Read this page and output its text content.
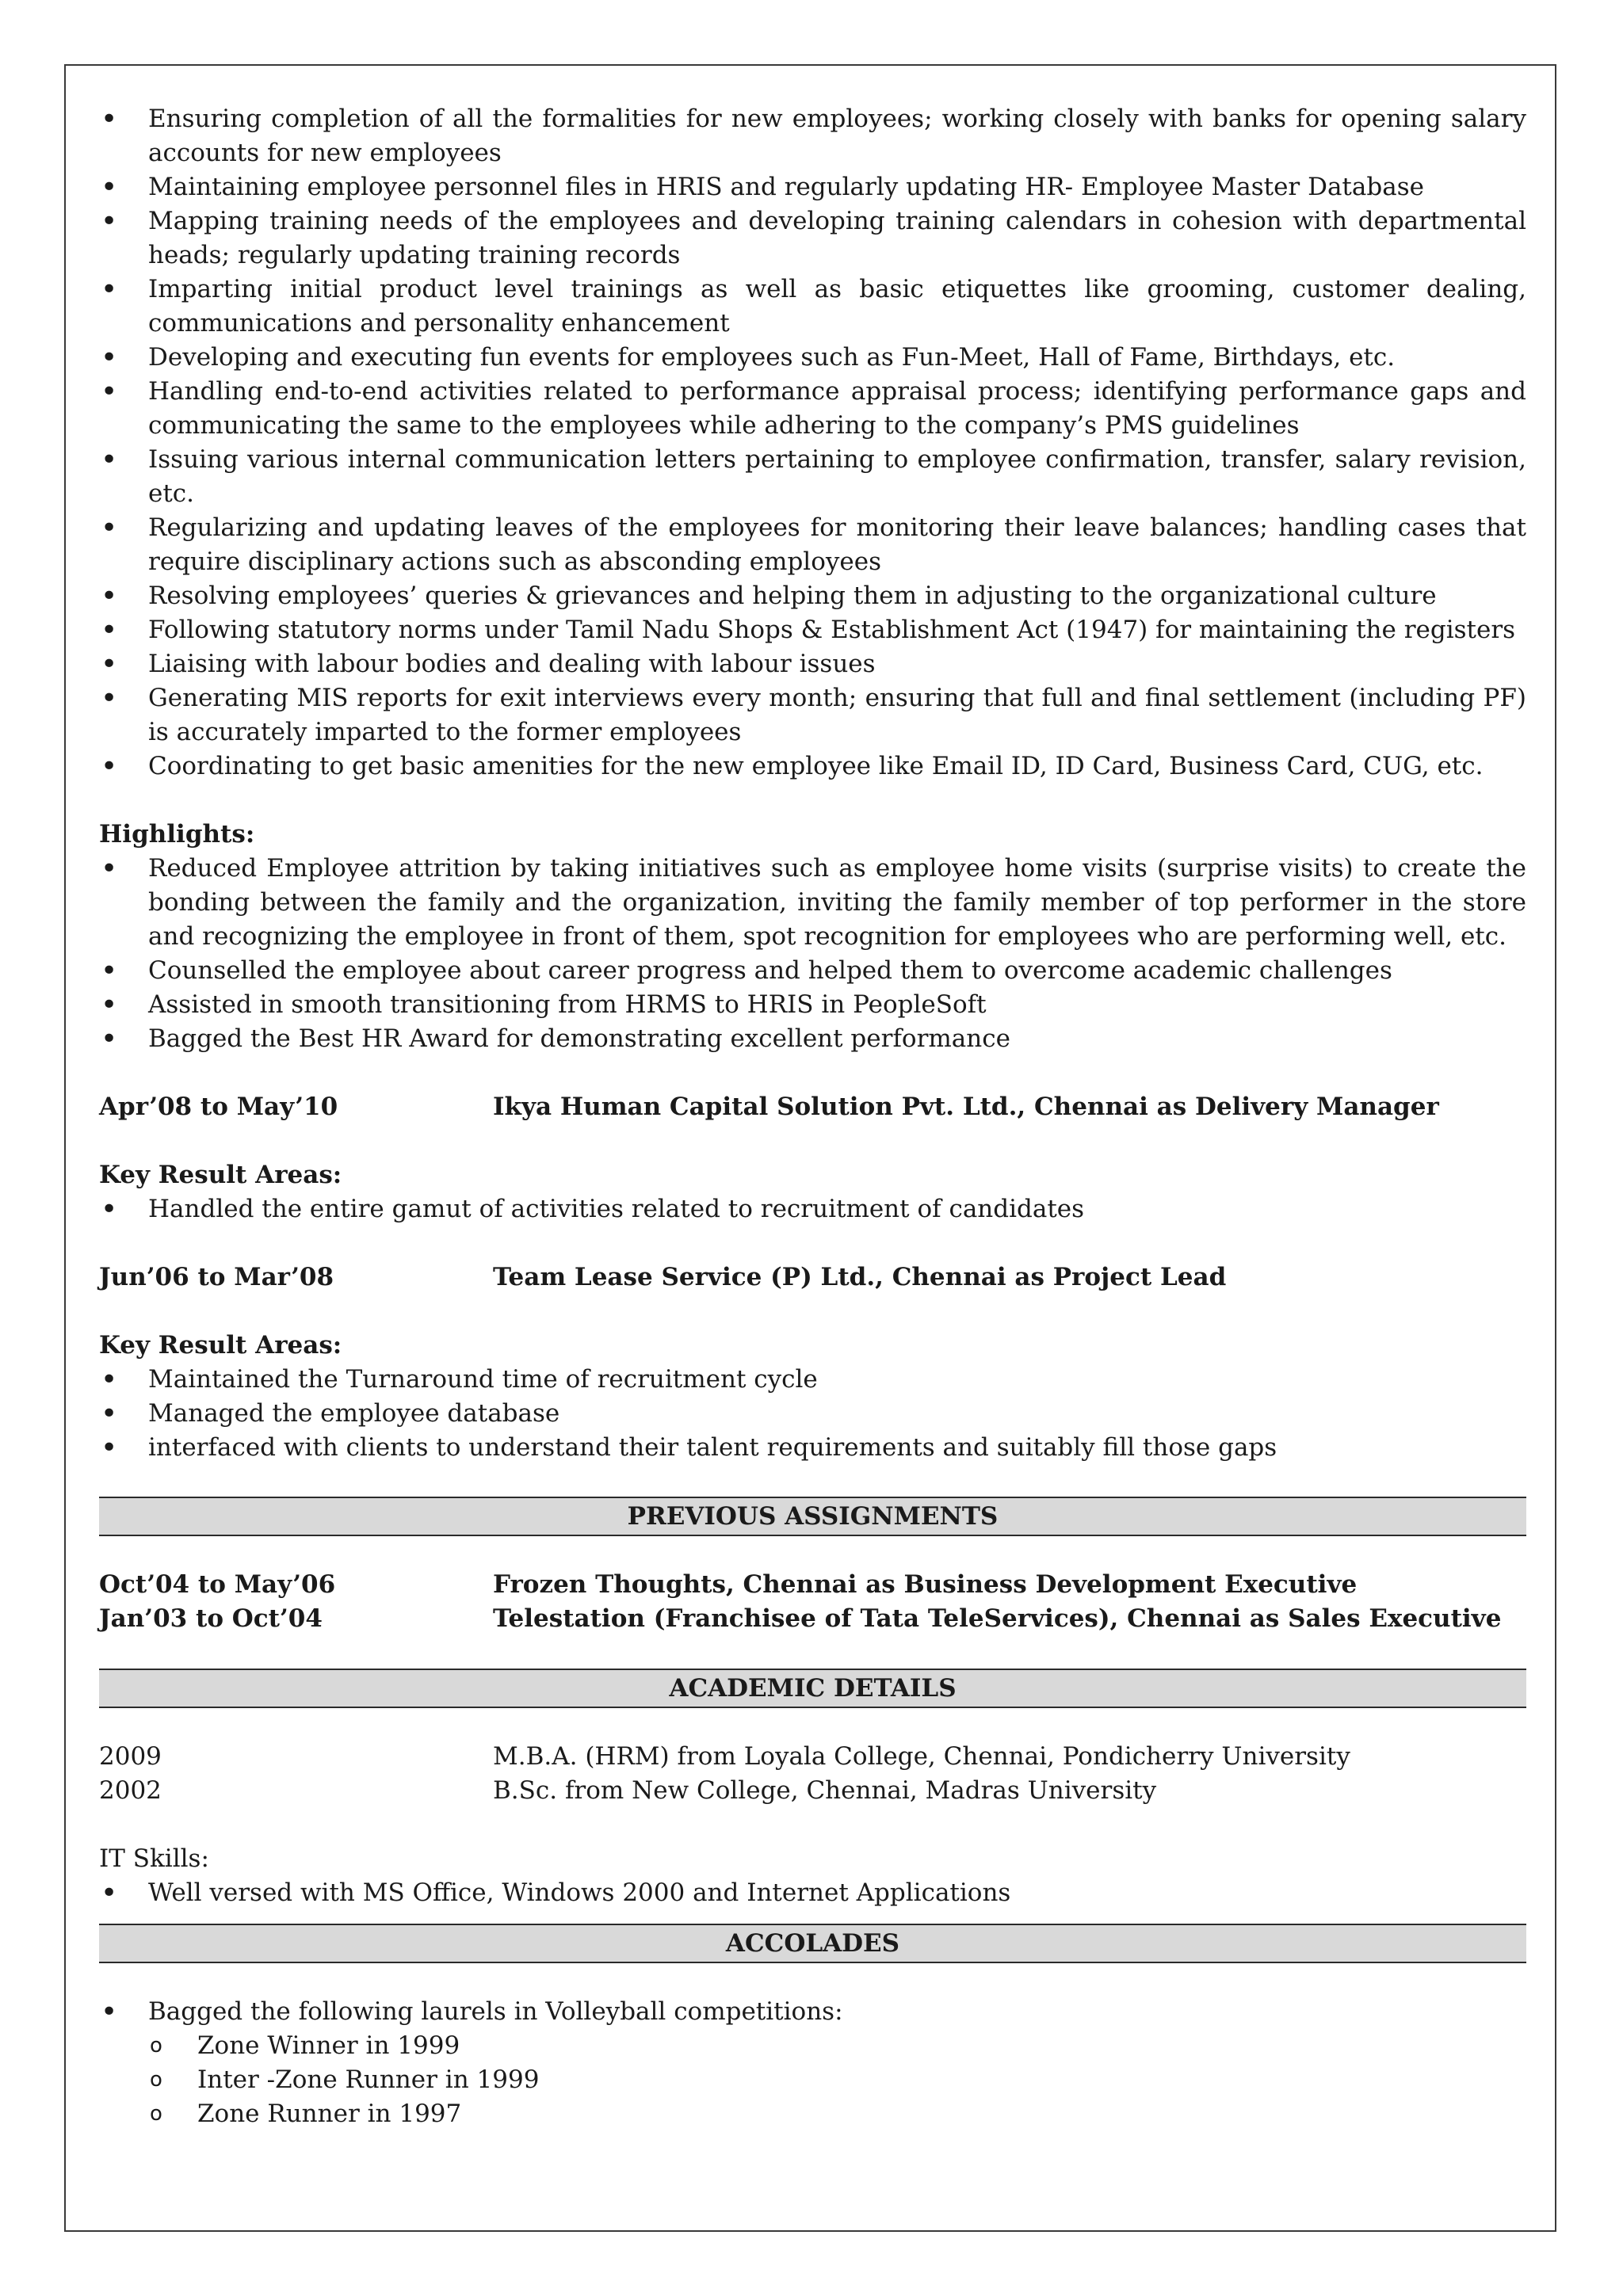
• Ensuring completion of all the formalities for new employees; working closely with banks for opening salary accounts for new employees
• Maintaining employee personnel files in HRIS and regularly updating HR- Employee Master Database
• Mapping training needs of the employees and developing training calendars in cohesion with departmental heads; regularly updating training records
• Imparting initial product level trainings as well as basic etiquettes like grooming, customer dealing, communications and personality enhancement
• Developing and executing fun events for employees such as Fun-Meet, Hall of Fame, Birthdays, etc.
• Handling end-to-end activities related to performance appraisal process; identifying performance gaps and communicating the same to the employees while adhering to the company’s PMS guidelines
• Issuing various internal communication letters pertaining to employee confirmation, transfer, salary revision, etc.
• Regularizing and updating leaves of the employees for monitoring their leave balances; handling cases that require disciplinary actions such as absconding employees
• Resolving employees’ queries & grievances and helping them in adjusting to the organizational culture
• Following statutory norms under Tamil Nadu Shops & Establishment Act (1947) for maintaining the registers
• Liaising with labour bodies and dealing with labour issues
• Generating MIS reports for exit interviews every month; ensuring that full and final settlement (including PF) is accurately imparted to the former employees
• Coordinating to get basic amenities for the new employee like Email ID, ID Card, Business Card, CUG, etc.
Highlights:
• Reduced Employee attrition by taking initiatives such as employee home visits (surprise visits) to create the bonding between the family and the organization, inviting the family member of top performer in the store and recognizing the employee in front of them, spot recognition for employees who are performing well, etc.
• Counselled the employee about career progress and helped them to overcome academic challenges
• Assisted in smooth transitioning from HRMS to HRIS in PeopleSoft
• Bagged the Best HR Award for demonstrating excellent performance
Apr’08 to May’10	Ikya Human Capital Solution Pvt. Ltd., Chennai as Delivery Manager
Key Result Areas:
• Handled the entire gamut of activities related to recruitment of candidates
Jun’06 to Mar’08	Team Lease Service (P) Ltd., Chennai as Project Lead
Key Result Areas:
• Maintained the Turnaround time of recruitment cycle
• Managed the employee database
• interfaced with clients to understand their talent requirements and suitably fill those gaps
PREVIOUS ASSIGNMENTS
Oct’04 to May’06	Frozen Thoughts, Chennai as Business Development Executive
Jan’03 to Oct’04	Telestation (Franchisee of Tata TeleServices), Chennai as Sales Executive
ACADEMIC DETAILS
2009	M.B.A. (HRM) from Loyala College, Chennai, Pondicherry University
2002	B.Sc. from New College, Chennai, Madras University
IT Skills:
• Well versed with MS Office, Windows 2000 and Internet Applications
ACCOLADES
• Bagged the following laurels in Volleyball competitions:
o Zone Winner in 1999
o Inter -Zone Runner in 1999
o Zone Runner in 1997
